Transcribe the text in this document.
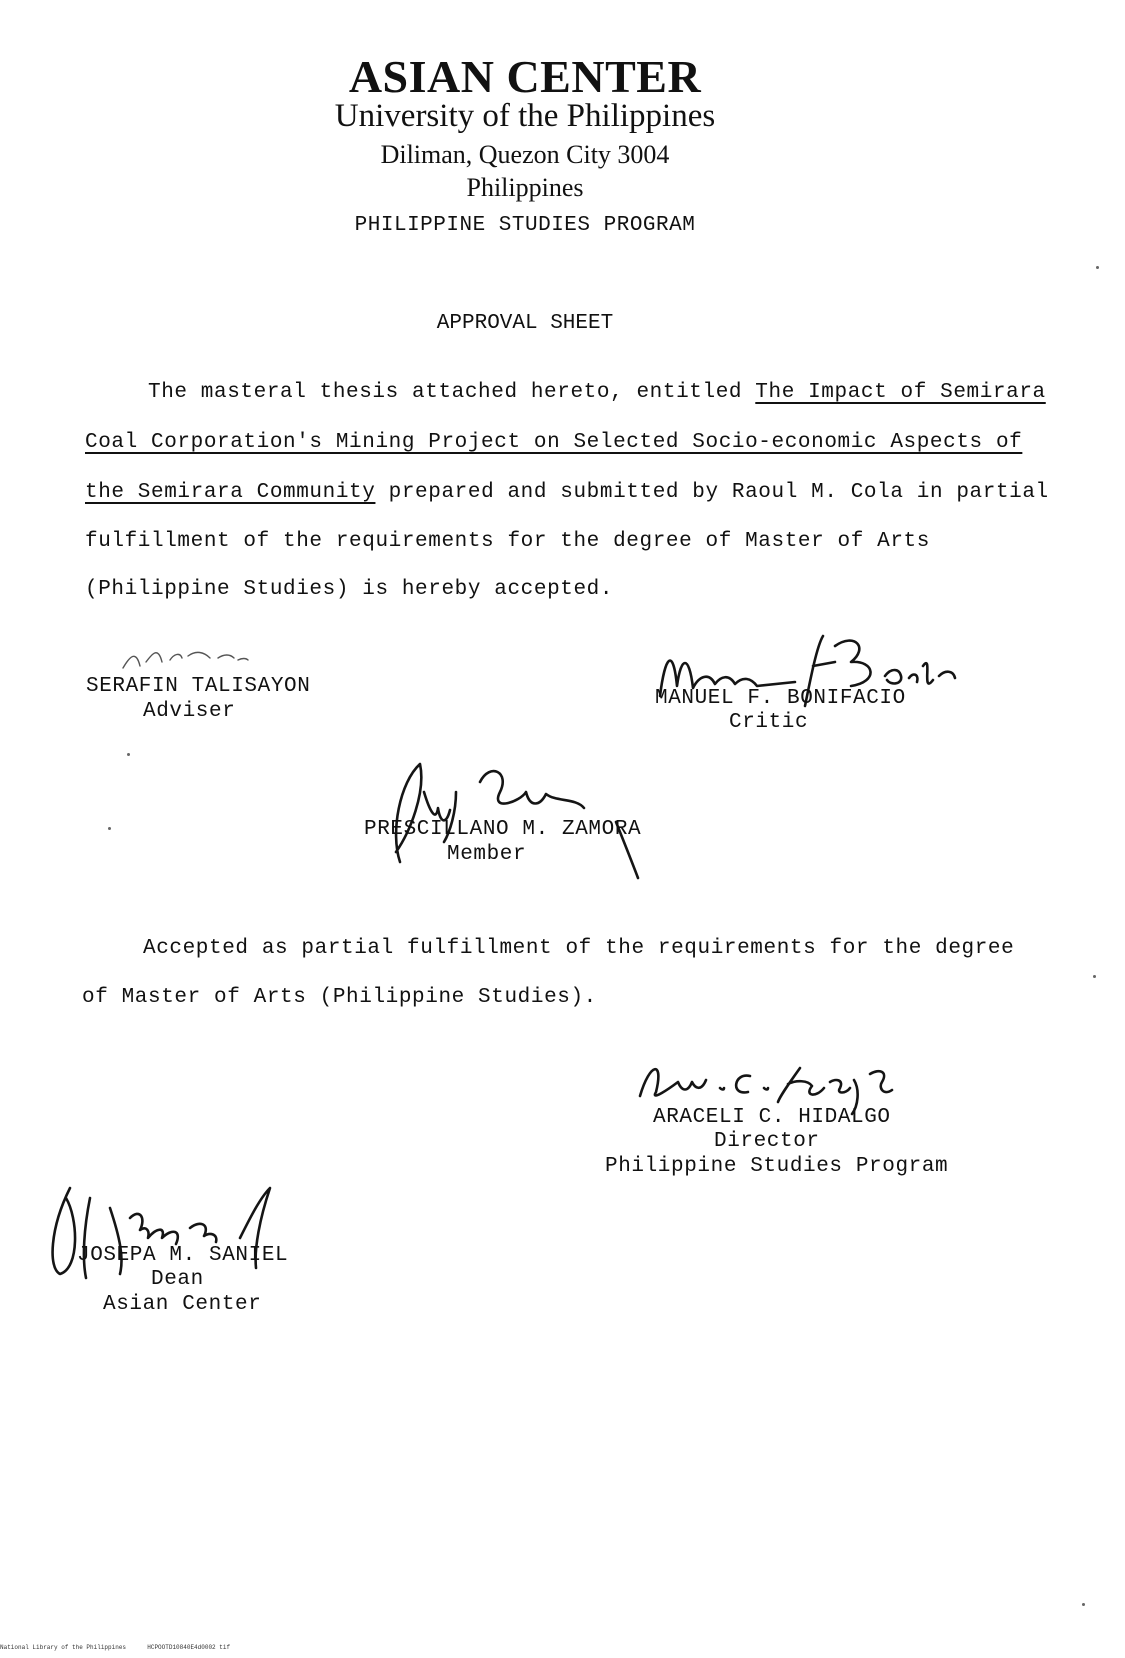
ASIAN CENTER
University of the Philippines
Diliman, Quezon City 3004
Philippines
PHILIPPINE STUDIES PROGRAM
APPROVAL SHEET
The masteral thesis attached hereto, entitled The Impact of Semirara
Coal Corporation's Mining Project on Selected Socio-economic Aspects of
the Semirara Community prepared and submitted by Raoul M. Cola in partial
fulfillment of the requirements for the degree of Master of Arts
(Philippine Studies) is hereby accepted.
SERAFIN TALISAYON
Adviser
MANUEL F. BONIFACIO
Critic
PRESCILLANO M. ZAMORA
Member
Accepted as partial fulfillment of the requirements for the degree
of Master of Arts (Philippine Studies).
ARACELI C. HIDALGO
Director
Philippine Studies Program
JOSEPA M. SANIEL
Dean
Asian Center
National Library of the Philippines	HCPOOTD10840E4d0002 tif
